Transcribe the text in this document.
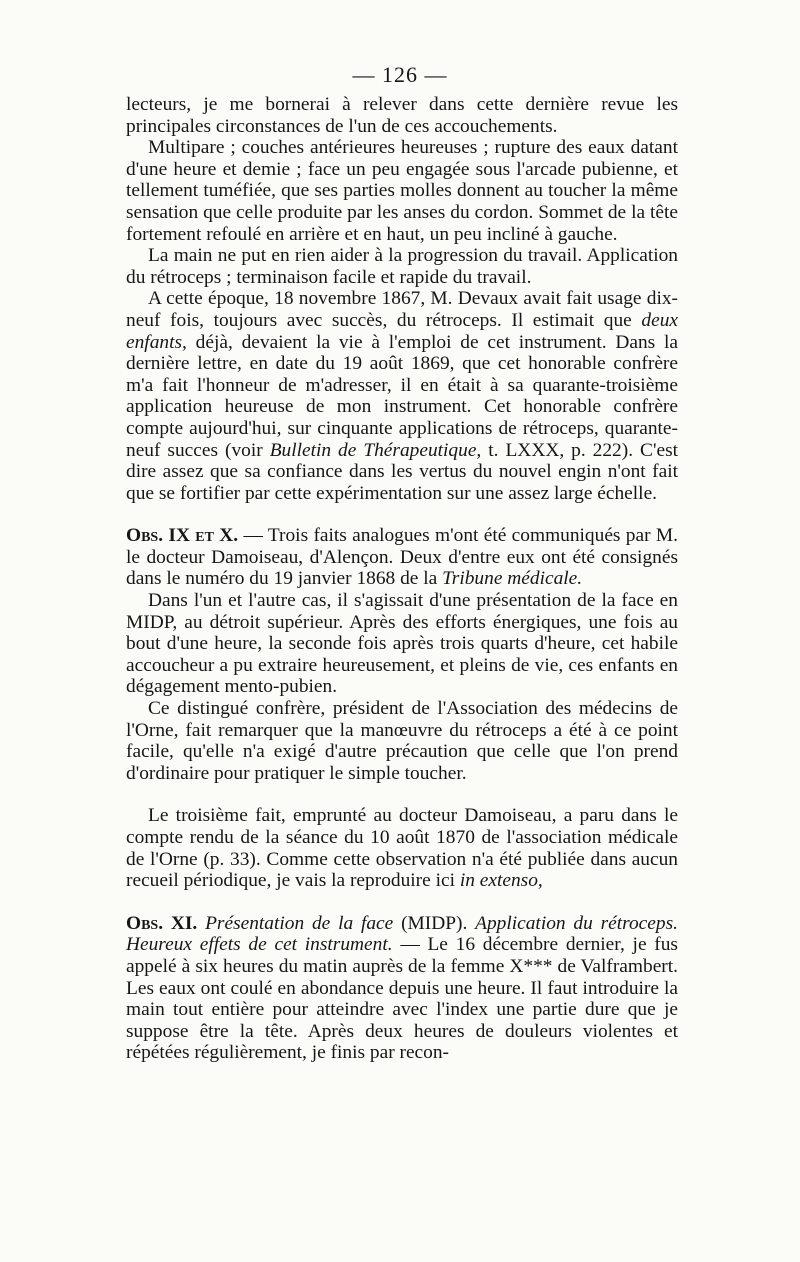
— 126 —

lecteurs, je me bornerai à relever dans cette dernière revue les principales circonstances de l'un de ces accouchements.

Multipare ; couches antérieures heureuses ; rupture des eaux datant d'une heure et demie ; face un peu engagée sous l'arcade pubienne, et tellement tuméfiée, que ses parties molles donnent au toucher la même sensation que celle produite par les anses du cordon. Sommet de la tête fortement refoulé en arrière et en haut, un peu incliné à gauche.

La main ne put en rien aider à la progression du travail. Application du rétroceps ; terminaison facile et rapide du travail.

A cette époque, 18 novembre 1867, M. Devaux avait fait usage dix-neuf fois, toujours avec succès, du rétroceps. Il estimait que deux enfants, déjà, devaient la vie à l'emploi de cet instrument. Dans la dernière lettre, en date du 19 août 1869, que cet honorable confrère m'a fait l'honneur de m'adresser, il en était à sa quarante-troisième application heureuse de mon instrument. Cet honorable confrère compte aujourd'hui, sur cinquante applications de rétroceps, quarante-neuf succes (voir Bulletin de Thérapeutique, t. LXXX, p. 222). C'est dire assez que sa confiance dans les vertus du nouvel engin n'ont fait que se fortifier par cette expérimentation sur une assez large échelle.

Obs. IX et X. — Trois faits analogues m'ont été communiqués par M. le docteur Damoiseau, d'Alençon. Deux d'entre eux ont été consignés dans le numéro du 19 janvier 1868 de la Tribune médicale.

Dans l'un et l'autre cas, il s'agissait d'une présentation de la face en MIDP, au détroit supérieur. Après des efforts énergiques, une fois au bout d'une heure, la seconde fois après trois quarts d'heure, cet habile accoucheur a pu extraire heureusement, et pleins de vie, ces enfants en dégagement mento-pubien.

Ce distingué confrère, président de l'Association des médecins de l'Orne, fait remarquer que la manœuvre du rétroceps a été à ce point facile, qu'elle n'a exigé d'autre précaution que celle que l'on prend d'ordinaire pour pratiquer le simple toucher.

Le troisième fait, emprunté au docteur Damoiseau, a paru dans le compte rendu de la séance du 10 août 1870 de l'association médicale de l'Orne (p. 33). Comme cette observation n'a été publiée dans aucun recueil périodique, je vais la reproduire ici in extenso,

Obs. XI. Présentation de la face (MIDP). Application du rétroceps. Heureux effets de cet instrument. — Le 16 décembre dernier, je fus appelé à six heures du matin auprès de la femme X*** de Valframbert. Les eaux ont coulé en abondance depuis une heure. Il faut introduire la main tout entière pour atteindre avec l'index une partie dure que je suppose être la tête. Après deux heures de douleurs violentes et répétées régulièrement, je finis par recon-
